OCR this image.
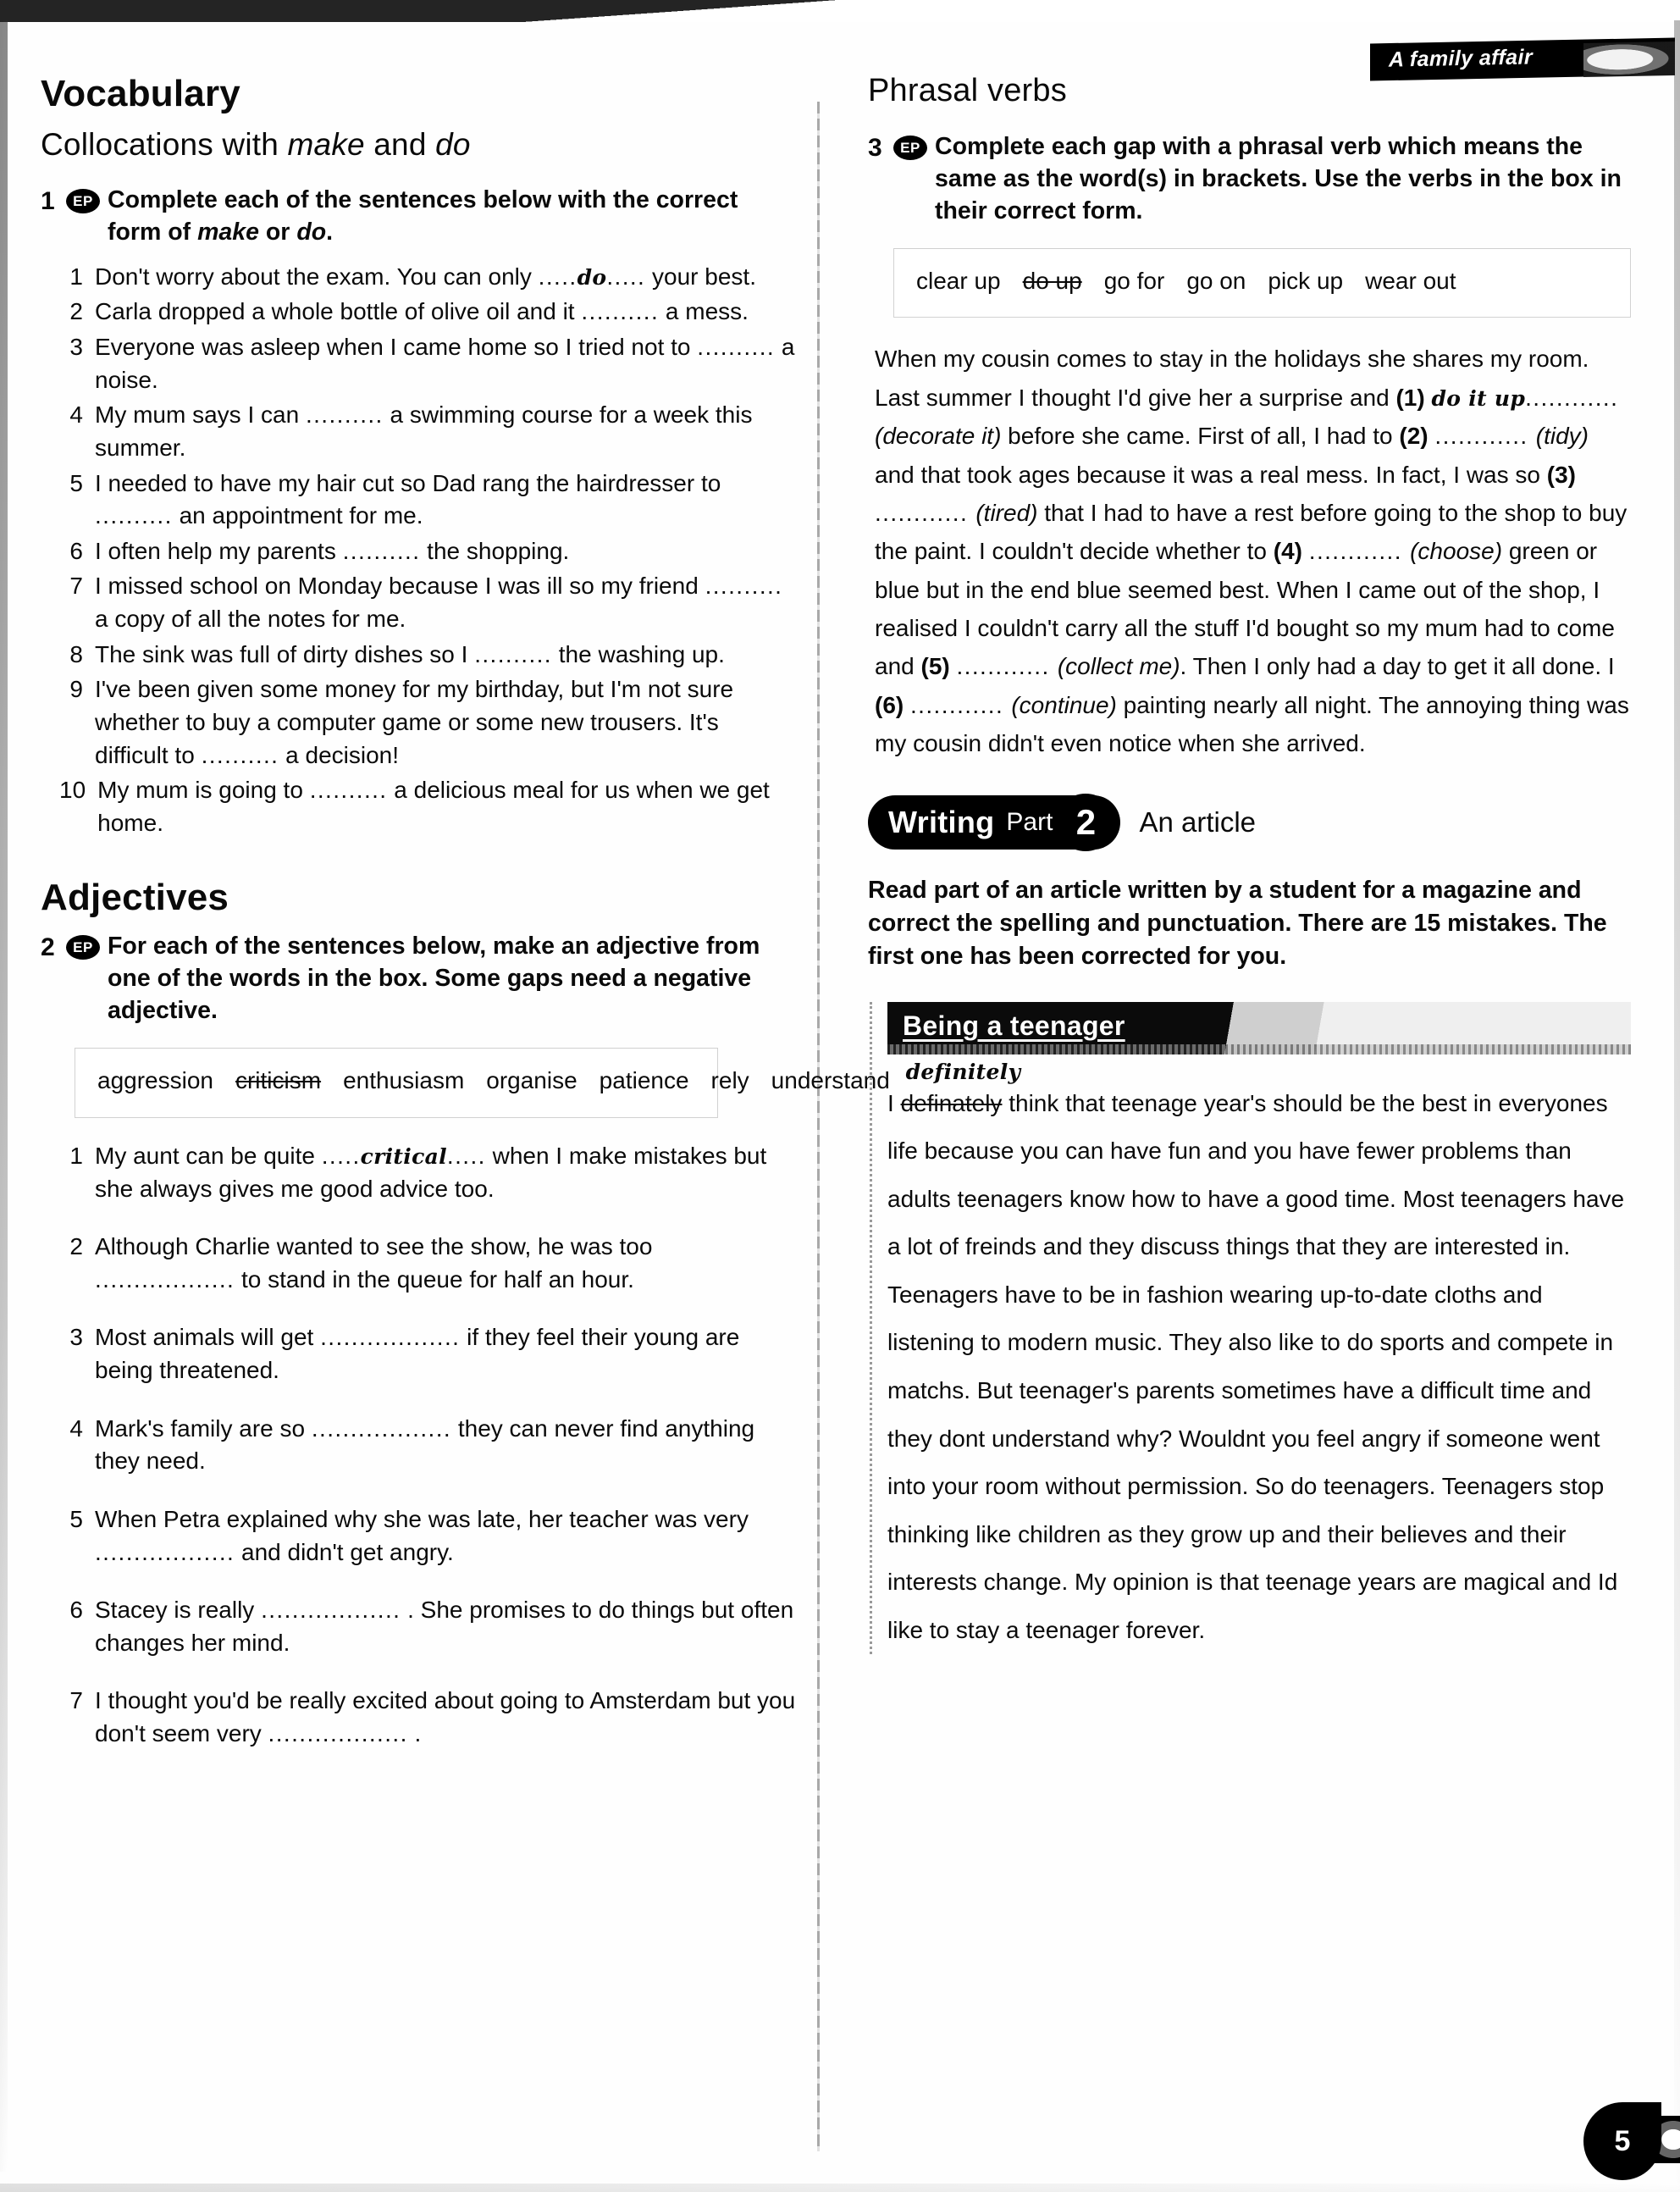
A family affair
Vocabulary
Collocations with make and do
1	EP Complete each of the sentences below with the correct form of make or do.
1 Don't worry about the exam. You can only .....do..... your best.
2 Carla dropped a whole bottle of olive oil and it .......... a mess.
3 Everyone was asleep when I came home so I tried not to .......... a noise.
4 My mum says I can .......... a swimming course for a week this summer.
5 I needed to have my hair cut so Dad rang the hairdresser to .......... an appointment for me.
6 I often help my parents .......... the shopping.
7 I missed school on Monday because I was ill so my friend .......... a copy of all the notes for me.
8 The sink was full of dirty dishes so I .......... the washing up.
9 I've been given some money for my birthday, but I'm not sure whether to buy a computer game or some new trousers. It's difficult to .......... a decision!
10 My mum is going to .......... a delicious meal for us when we get home.
Adjectives
2	EP For each of the sentences below, make an adjective from one of the words in the box. Some gaps need a negative adjective.
aggression criticism enthusiasm organise patience rely understand
1 My aunt can be quite .....critical..... when I make mistakes but she always gives me good advice too.
2 Although Charlie wanted to see the show, he was too .................. to stand in the queue for half an hour.
3 Most animals will get .................. if they feel their young are being threatened.
4 Mark's family are so .................. they can never find anything they need.
5 When Petra explained why she was late, her teacher was very .................. and didn't get angry.
6 Stacey is really .................. . She promises to do things but often changes her mind.
7 I thought you'd be really excited about going to Amsterdam but you don't seem very .................. .
Phrasal verbs
3	EP Complete each gap with a phrasal verb which means the same as the word(s) in brackets. Use the verbs in the box in their correct form.
clear up do up go for go on pick up wear out
When my cousin comes to stay in the holidays she shares my room. Last summer I thought I'd give her a surprise and (1) do it up............ (decorate it) before she came. First of all, I had to (2) ............ (tidy) and that took ages because it was a real mess. In fact, I was so (3) ............ (tired) that I had to have a rest before going to the shop to buy the paint. I couldn't decide whether to (4) ............ (choose) green or blue but in the end blue seemed best. When I came out of the shop, I realised I couldn't carry all the stuff I'd bought so my mum had to come and (5) ............ (collect me). Then I only had a day to get it all done. I (6) ............ (continue) painting nearly all night. The annoying thing was my cousin didn't even notice when she arrived.
Writing Part 2	An article
Read part of an article written by a student for a magazine and correct the spelling and punctuation. There are 15 mistakes. The first one has been corrected for you.
Being a teenager
I
definitely
definately think that teenage year's should be the best in everyones life because you can have fun and you have fewer problems than adults teenagers know how to have a good time. Most teenagers have a lot of freinds and they discuss things that they are interested in. Teenagers have to be in fashion wearing up-to-date cloths and listening to modern music. They also like to do sports and compete in matchs. But teenager's parents sometimes have a difficult time and they dont understand why? Wouldnt you feel angry if someone went into your room without permission. So do teenagers. Teenagers stop thinking like children as they grow up and their believes and their interests change. My opinion is that teenage years are magical and Id like to stay a teenager forever.
5
